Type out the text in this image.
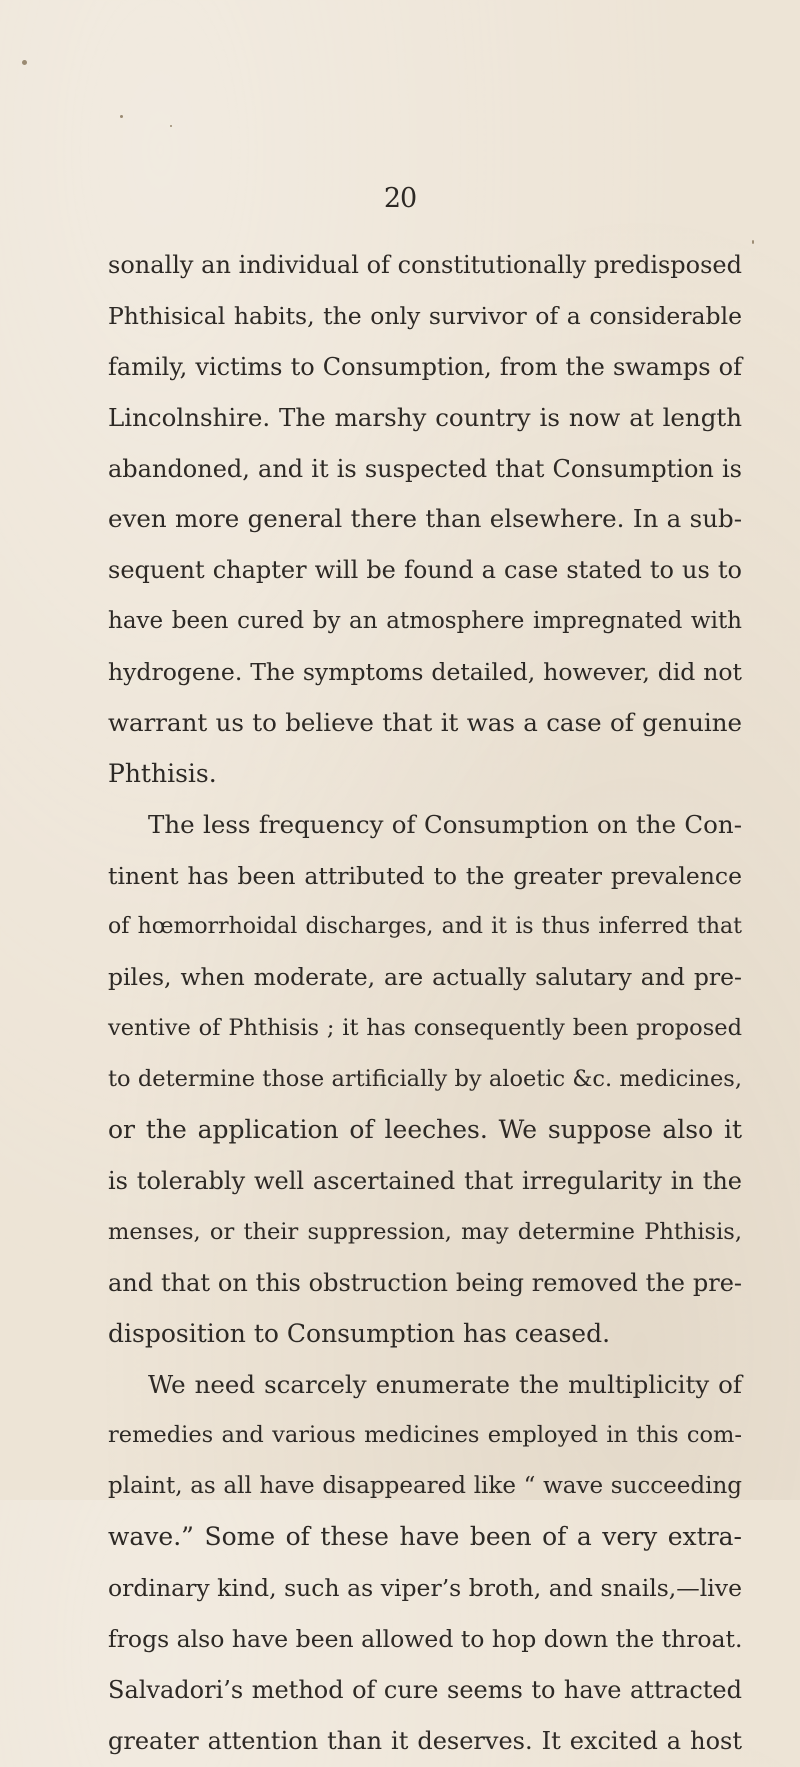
20
sonally an individual of constitutionally predisposed
Phthisical habits, the only survivor of a considerable
family, victims to Consumption, from the swamps of
Lincolnshire. The marshy country is now at length
abandoned, and it is suspected that Consumption is
even more general there than elsewhere. In a sub-
sequent chapter will be found a case stated to us to
have been cured by an atmosphere impregnated with
hydrogene. The symptoms detailed, however, did not
warrant us to believe that it was a case of genuine
Phthisis.
The less frequency of Consumption on the Con-
tinent has been attributed to the greater prevalence
of hœmorrhoidal discharges, and it is thus inferred that
piles, when moderate, are actually salutary and pre-
ventive of Phthisis ; it has consequently been proposed
to determine those artificially by aloetic &c. medicines,
or the application of leeches. We suppose also it
is tolerably well ascertained that irregularity in the
menses, or their suppression, may determine Phthisis,
and that on this obstruction being removed the pre-
disposition to Consumption has ceased.
We need scarcely enumerate the multiplicity of
remedies and various medicines employed in this com-
plaint, as all have disappeared like “ wave succeeding
wave.” Some of these have been of a very extra-
ordinary kind, such as viper’s broth, and snails,—live
frogs also have been allowed to hop down the throat.
Salvadori’s method of cure seems to have attracted
greater attention than it deserves. It excited a host
